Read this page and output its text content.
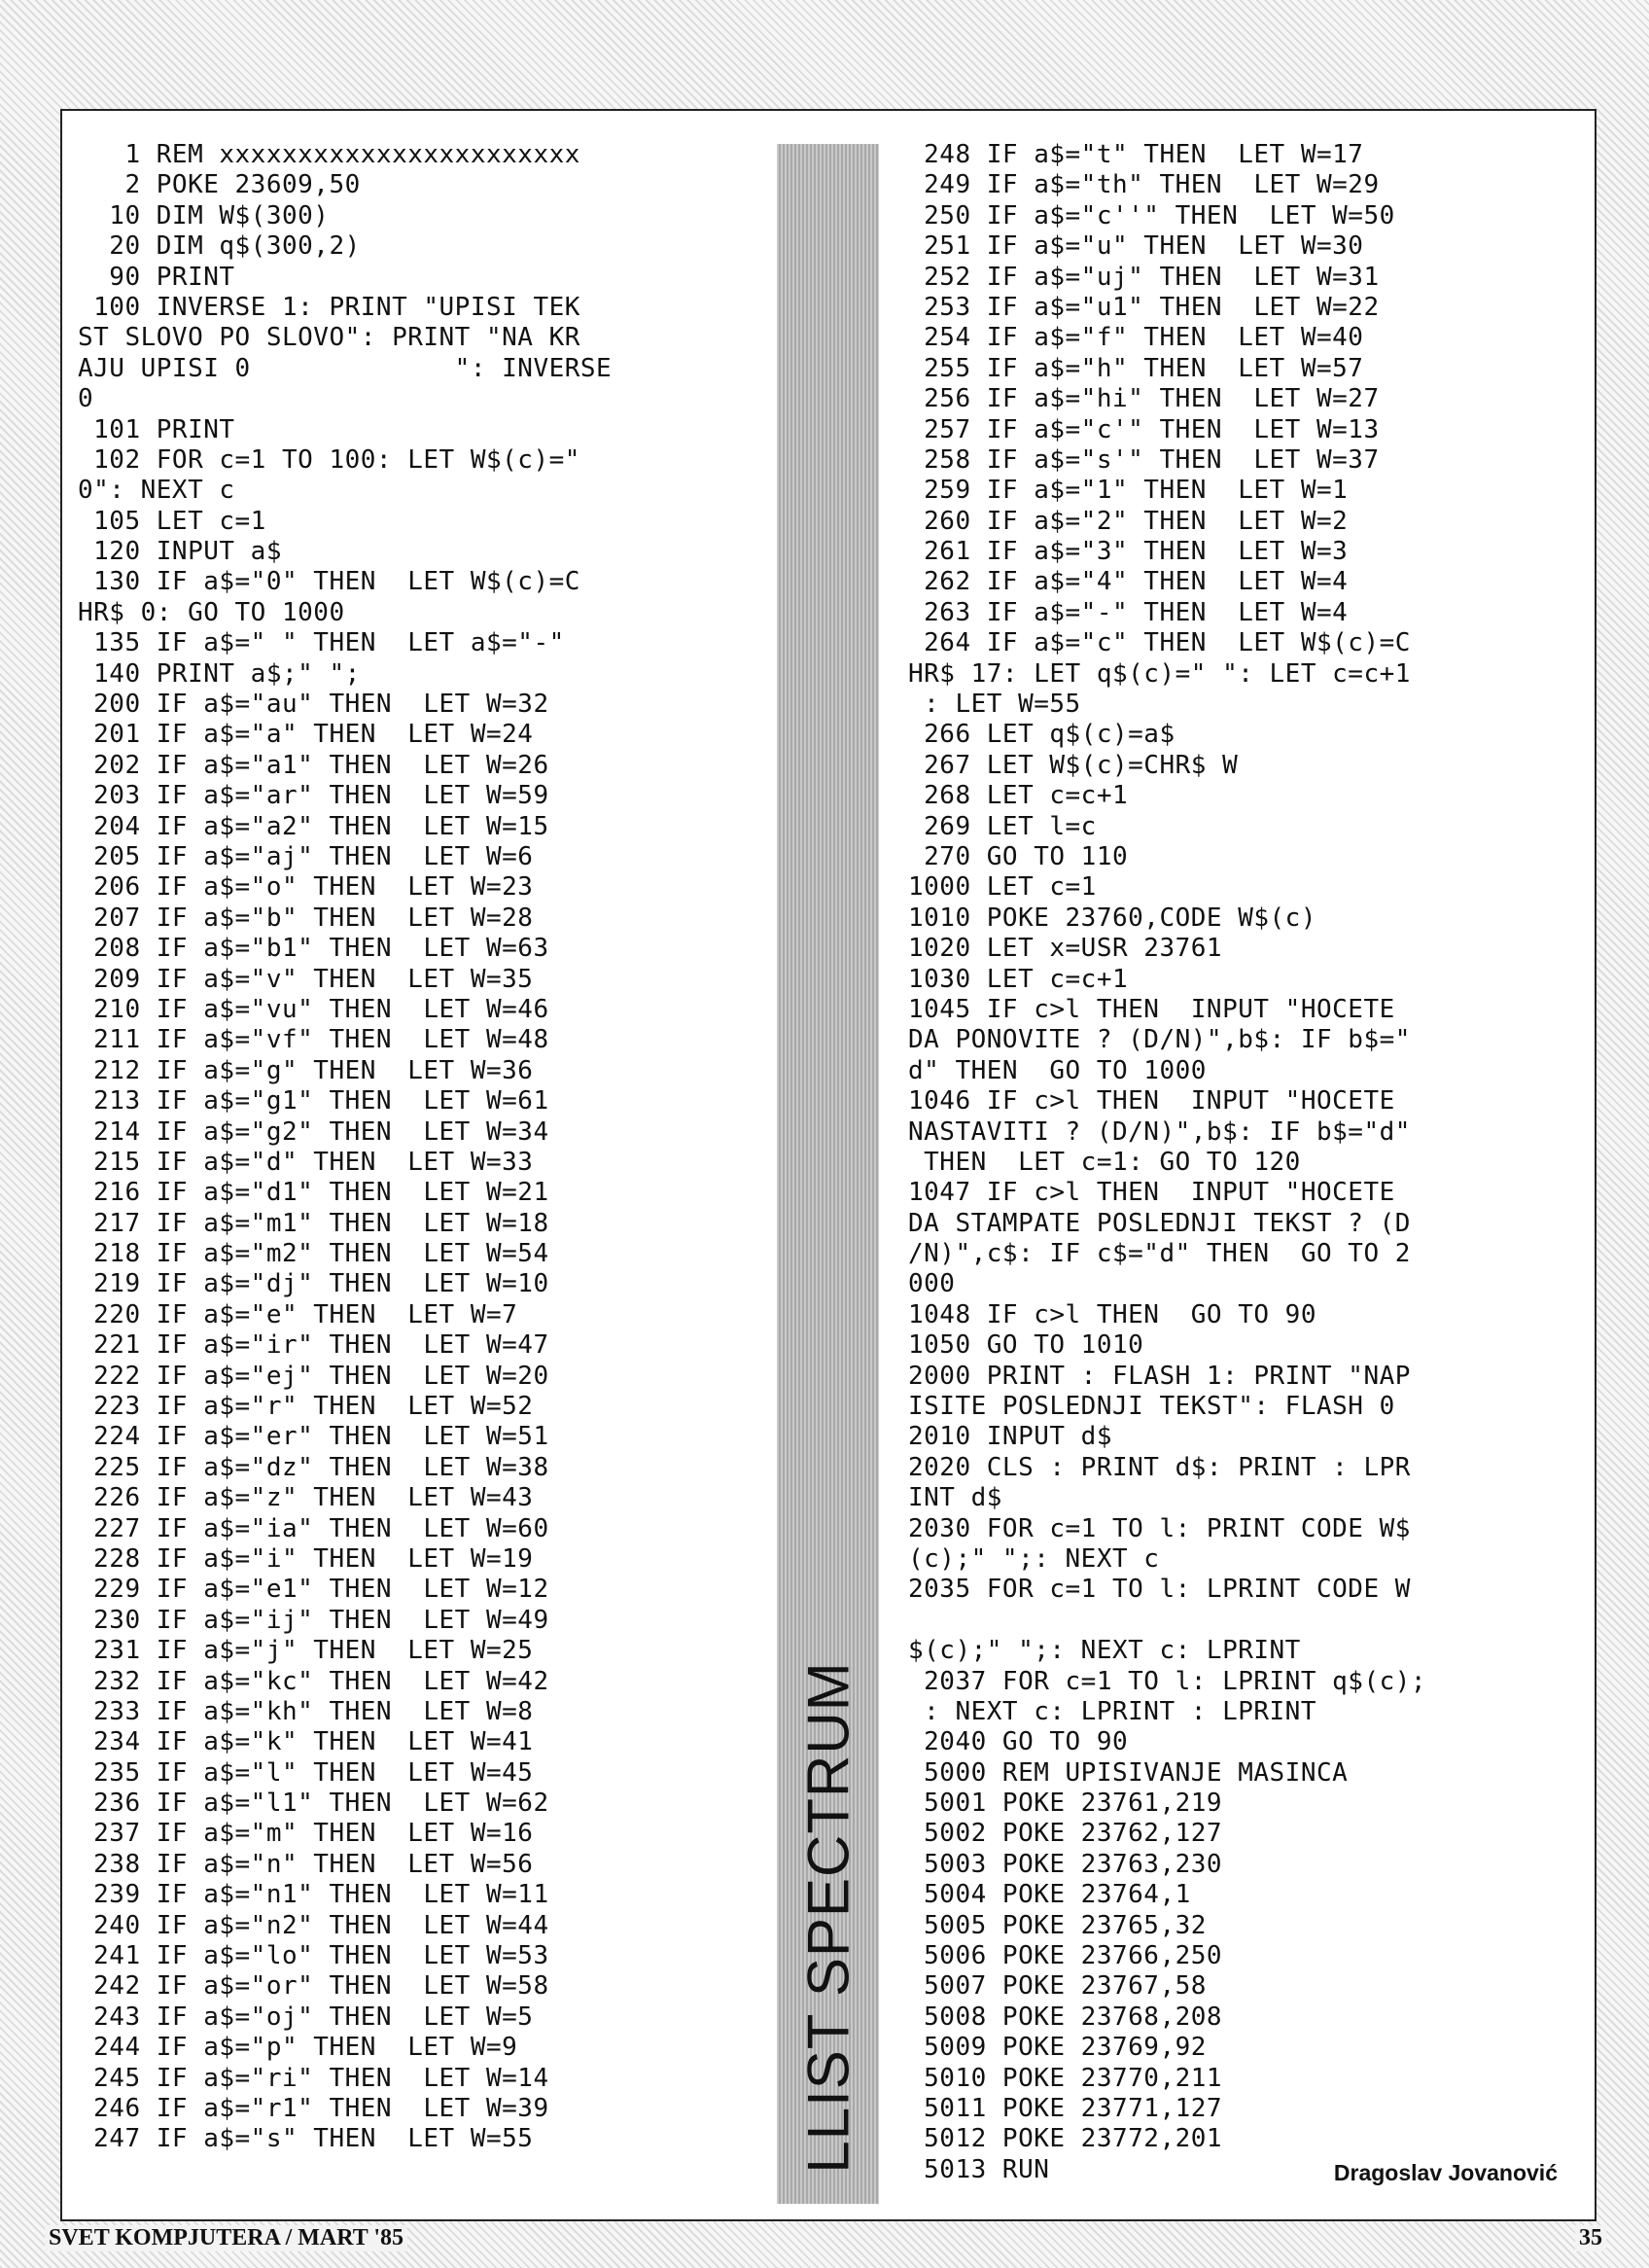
1 REM xxxxxxxxxxxxxxxxxxxxxxx
2 POKE 23609,50
10 DIM W$(300)
20 DIM q$(300,2)
90 PRINT
100 INVERSE 1: PRINT "UPISI TEK
ST SLOVO PO SLOVO": PRINT "NA KR
AJU UPISI 0             ": INVERSE
0
101 PRINT
102 FOR c=1 TO 100: LET W$(c)="
0": NEXT c
105 LET c=1
120 INPUT a$
130 IF a$="0" THEN  LET W$(c)=C
HR$ 0: GO TO 1000
135 IF a$=" " THEN  LET a$="-"
140 PRINT a$;" ";
200 IF a$="au" THEN  LET W=32
201 IF a$="a" THEN  LET W=24
202 IF a$="a1" THEN  LET W=26
203 IF a$="ar" THEN  LET W=59
204 IF a$="a2" THEN  LET W=15
205 IF a$="aj" THEN  LET W=6
206 IF a$="o" THEN  LET W=23
207 IF a$="b" THEN  LET W=28
208 IF a$="b1" THEN  LET W=63
209 IF a$="v" THEN  LET W=35
210 IF a$="vu" THEN  LET W=46
211 IF a$="vf" THEN  LET W=48
212 IF a$="g" THEN  LET W=36
213 IF a$="g1" THEN  LET W=61
214 IF a$="g2" THEN  LET W=34
215 IF a$="d" THEN  LET W=33
216 IF a$="d1" THEN  LET W=21
217 IF a$="m1" THEN  LET W=18
218 IF a$="m2" THEN  LET W=54
219 IF a$="dj" THEN  LET W=10
220 IF a$="e" THEN  LET W=7
221 IF a$="ir" THEN  LET W=47
222 IF a$="ej" THEN  LET W=20
223 IF a$="r" THEN  LET W=52
224 IF a$="er" THEN  LET W=51
225 IF a$="dz" THEN  LET W=38
226 IF a$="z" THEN  LET W=43
227 IF a$="ia" THEN  LET W=60
228 IF a$="i" THEN  LET W=19
229 IF a$="e1" THEN  LET W=12
230 IF a$="ij" THEN  LET W=49
231 IF a$="j" THEN  LET W=25
232 IF a$="kc" THEN  LET W=42
233 IF a$="kh" THEN  LET W=8
234 IF a$="k" THEN  LET W=41
235 IF a$="l" THEN  LET W=45
236 IF a$="l1" THEN  LET W=62
237 IF a$="m" THEN  LET W=16
238 IF a$="n" THEN  LET W=56
239 IF a$="n1" THEN  LET W=11
240 IF a$="n2" THEN  LET W=44
241 IF a$="lo" THEN  LET W=53
242 IF a$="or" THEN  LET W=58
243 IF a$="oj" THEN  LET W=5
244 IF a$="p" THEN  LET W=9
245 IF a$="ri" THEN  LET W=14
246 IF a$="r1" THEN  LET W=39
247 IF a$="s" THEN  LET W=55	LLIST SPECTRUM
248 IF a$="t" THEN  LET W=17
249 IF a$="th" THEN  LET W=29
250 IF a$="c''" THEN  LET W=50
251 IF a$="u" THEN  LET W=30
252 IF a$="uj" THEN  LET W=31
253 IF a$="u1" THEN  LET W=22
254 IF a$="f" THEN  LET W=40
255 IF a$="h" THEN  LET W=57
256 IF a$="hi" THEN  LET W=27
257 IF a$="c'" THEN  LET W=13
258 IF a$="s'" THEN  LET W=37
259 IF a$="1" THEN  LET W=1
260 IF a$="2" THEN  LET W=2
261 IF a$="3" THEN  LET W=3
262 IF a$="4" THEN  LET W=4
263 IF a$="-" THEN  LET W=4
264 IF a$="c" THEN  LET W$(c)=C
HR$ 17: LET q$(c)=" ": LET c=c+1
: LET W=55
266 LET q$(c)=a$
267 LET W$(c)=CHR$ W
268 LET c=c+1
269 LET l=c
270 GO TO 110
1000 LET c=1
1010 POKE 23760,CODE W$(c)
1020 LET x=USR 23761
1030 LET c=c+1
1045 IF c>l THEN  INPUT "HOCETE
DA PONOVITE ? (D/N)",b$: IF b$="
d" THEN  GO TO 1000
1046 IF c>l THEN  INPUT "HOCETE
NASTAVITI ? (D/N)",b$: IF b$="d"
THEN  LET c=1: GO TO 120
1047 IF c>l THEN  INPUT "HOCETE
DA STAMPATE POSLEDNJI TEKST ? (D
/N)",c$: IF c$="d" THEN  GO TO 2
000
1048 IF c>l THEN  GO TO 90
1050 GO TO 1010
2000 PRINT : FLASH 1: PRINT "NAP
ISITE POSLEDNJI TEKST": FLASH 0
2010 INPUT d$
2020 CLS : PRINT d$: PRINT : LPR
INT d$
2030 FOR c=1 TO l: PRINT CODE W$
(c);" ";: NEXT c
2035 FOR c=1 TO l: LPRINT CODE W
$(c);" ";: NEXT c: LPRINT
2037 FOR c=1 TO l: LPRINT q$(c);
: NEXT c: LPRINT : LPRINT
2040 GO TO 90
5000 REM UPISIVANJE MASINCA
5001 POKE 23761,219
5002 POKE 23762,127
5003 POKE 23763,230
5004 POKE 23764,1
5005 POKE 23765,32
5006 POKE 23766,250
5007 POKE 23767,58
5008 POKE 23768,208
5009 POKE 23769,92
5010 POKE 23770,211
5011 POKE 23771,127
5012 POKE 23772,201
5013 RUN	Dragoslav Jovanović
SVET KOMPJUTERA / MART '85	35
